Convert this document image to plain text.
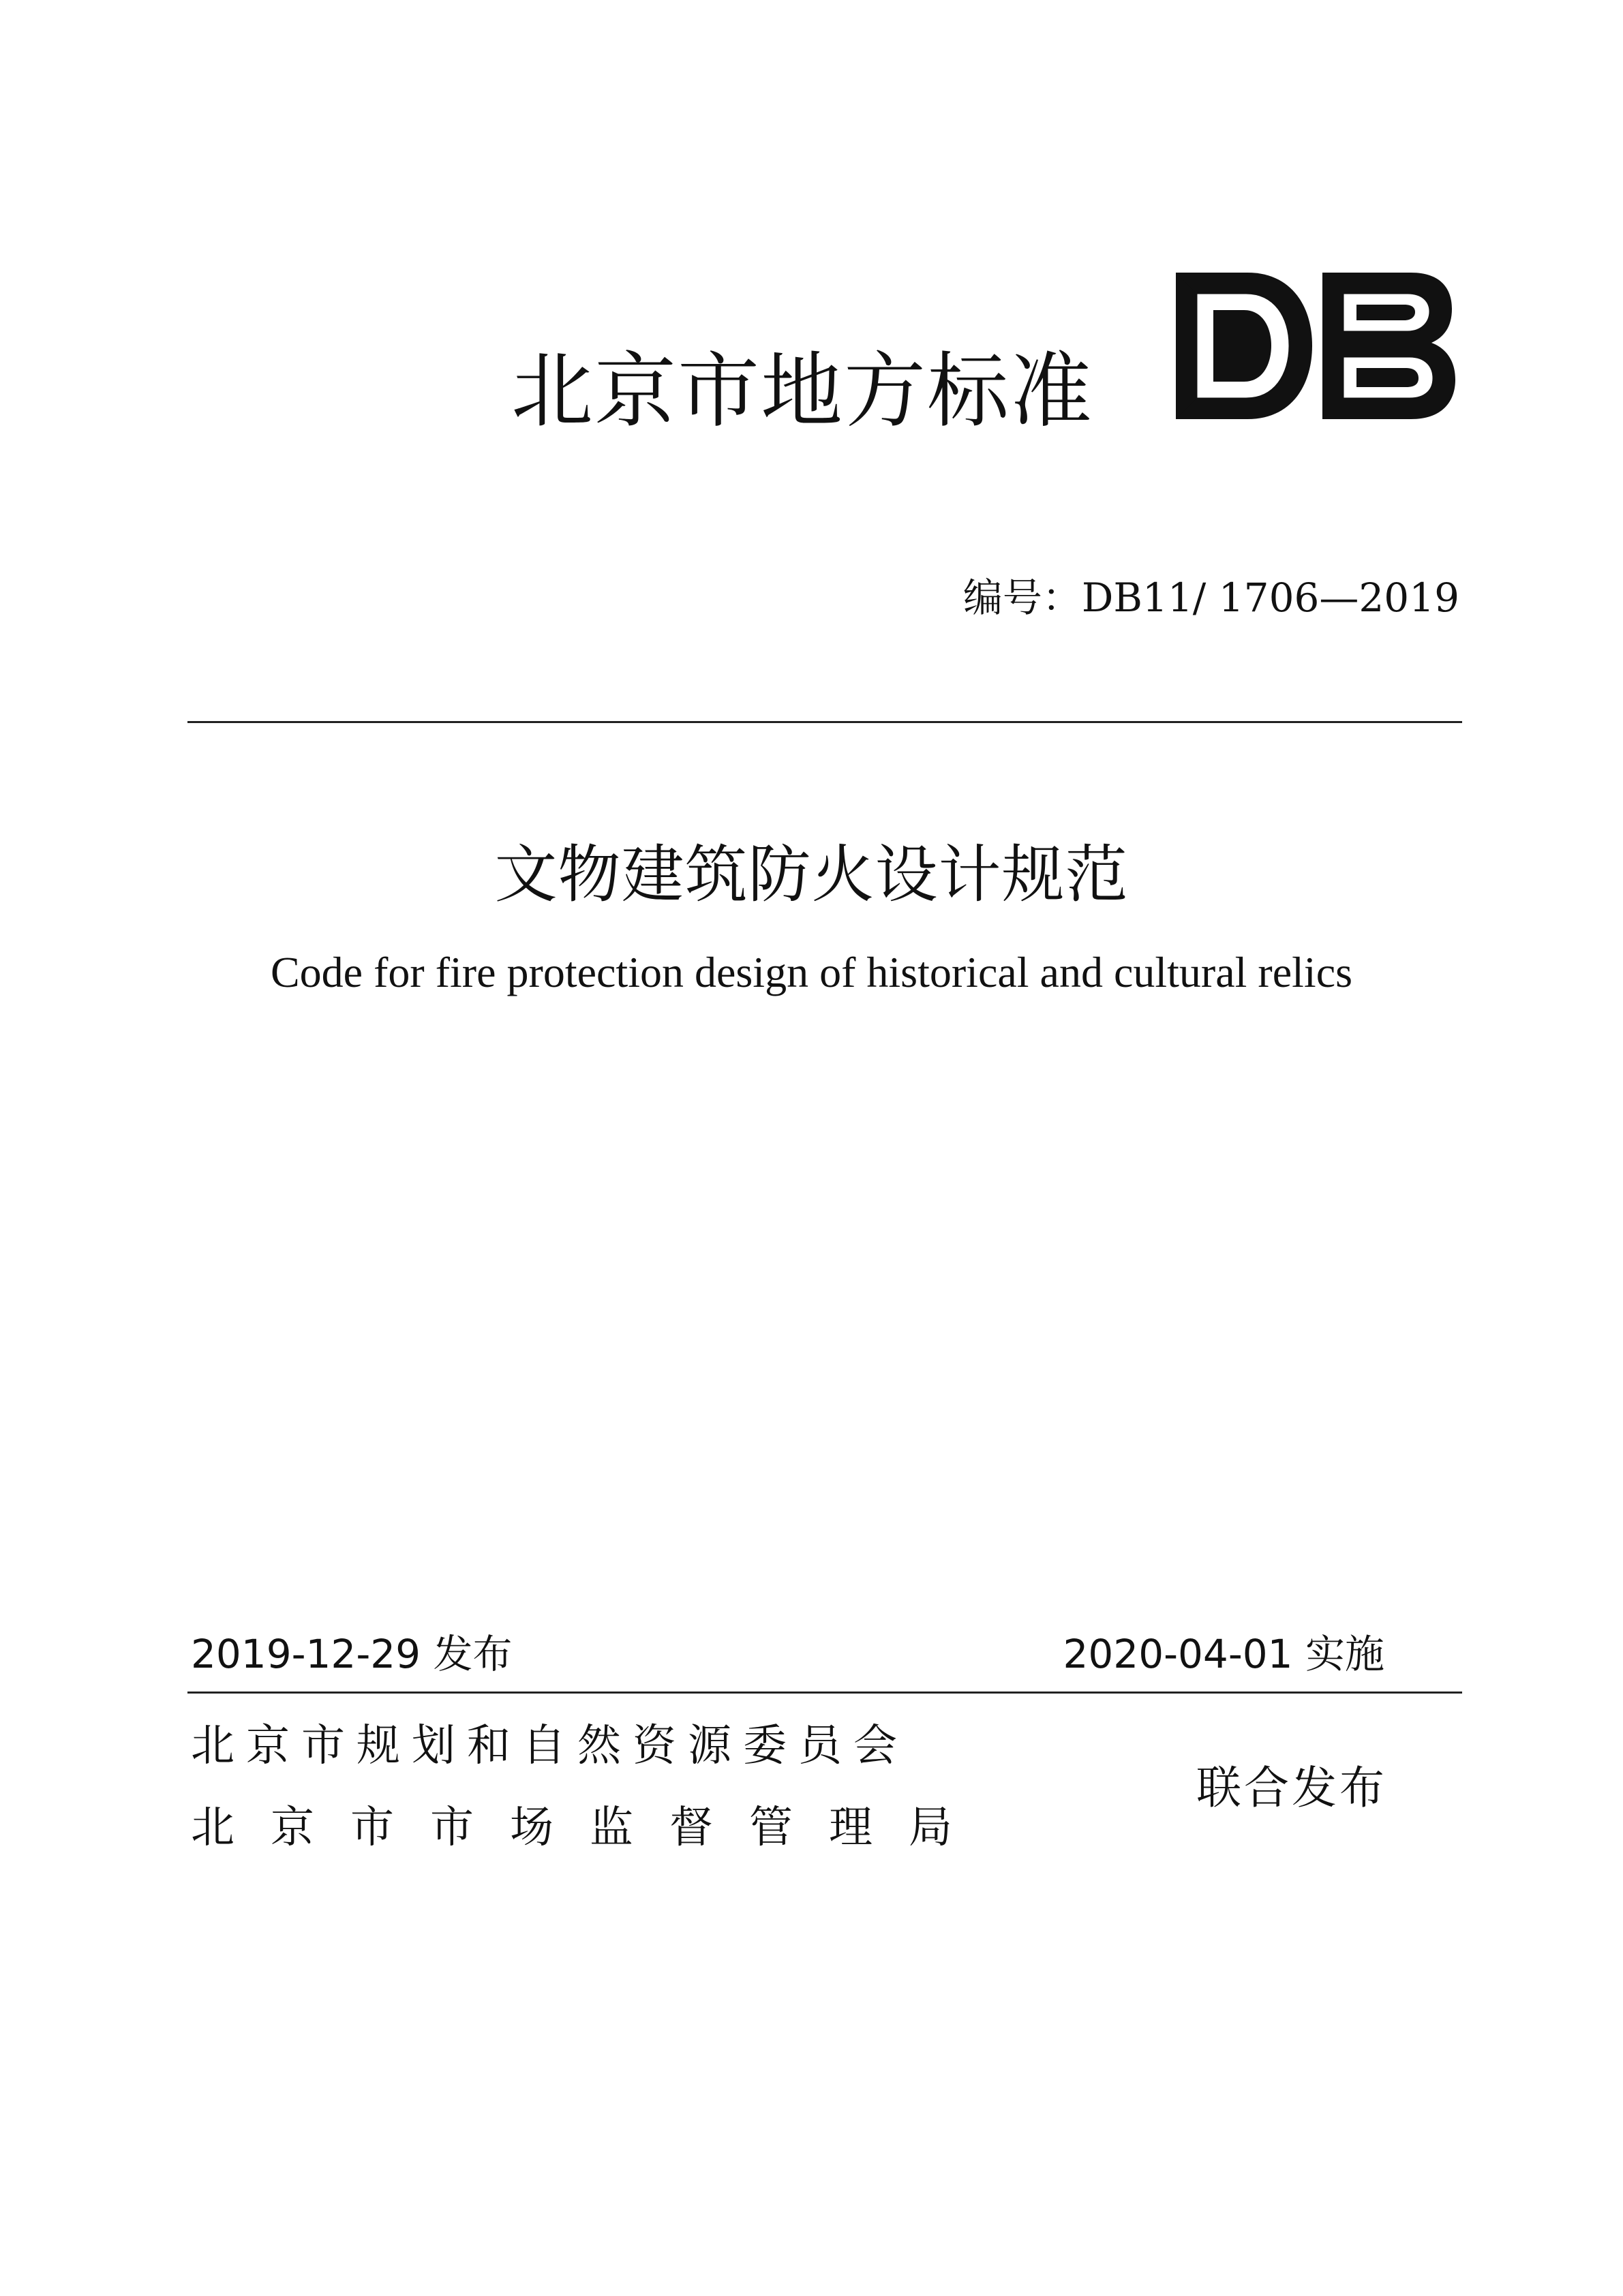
北京市地方标准
编号：DB11/ 1706—2019
文物建筑防火设计规范
Code for fire protection design of historical and cultural relics
2019-12-29 发布	2020-04-01 实施
北京市规划和自然资源委员会
北京市市场监督管理局
联合发布
